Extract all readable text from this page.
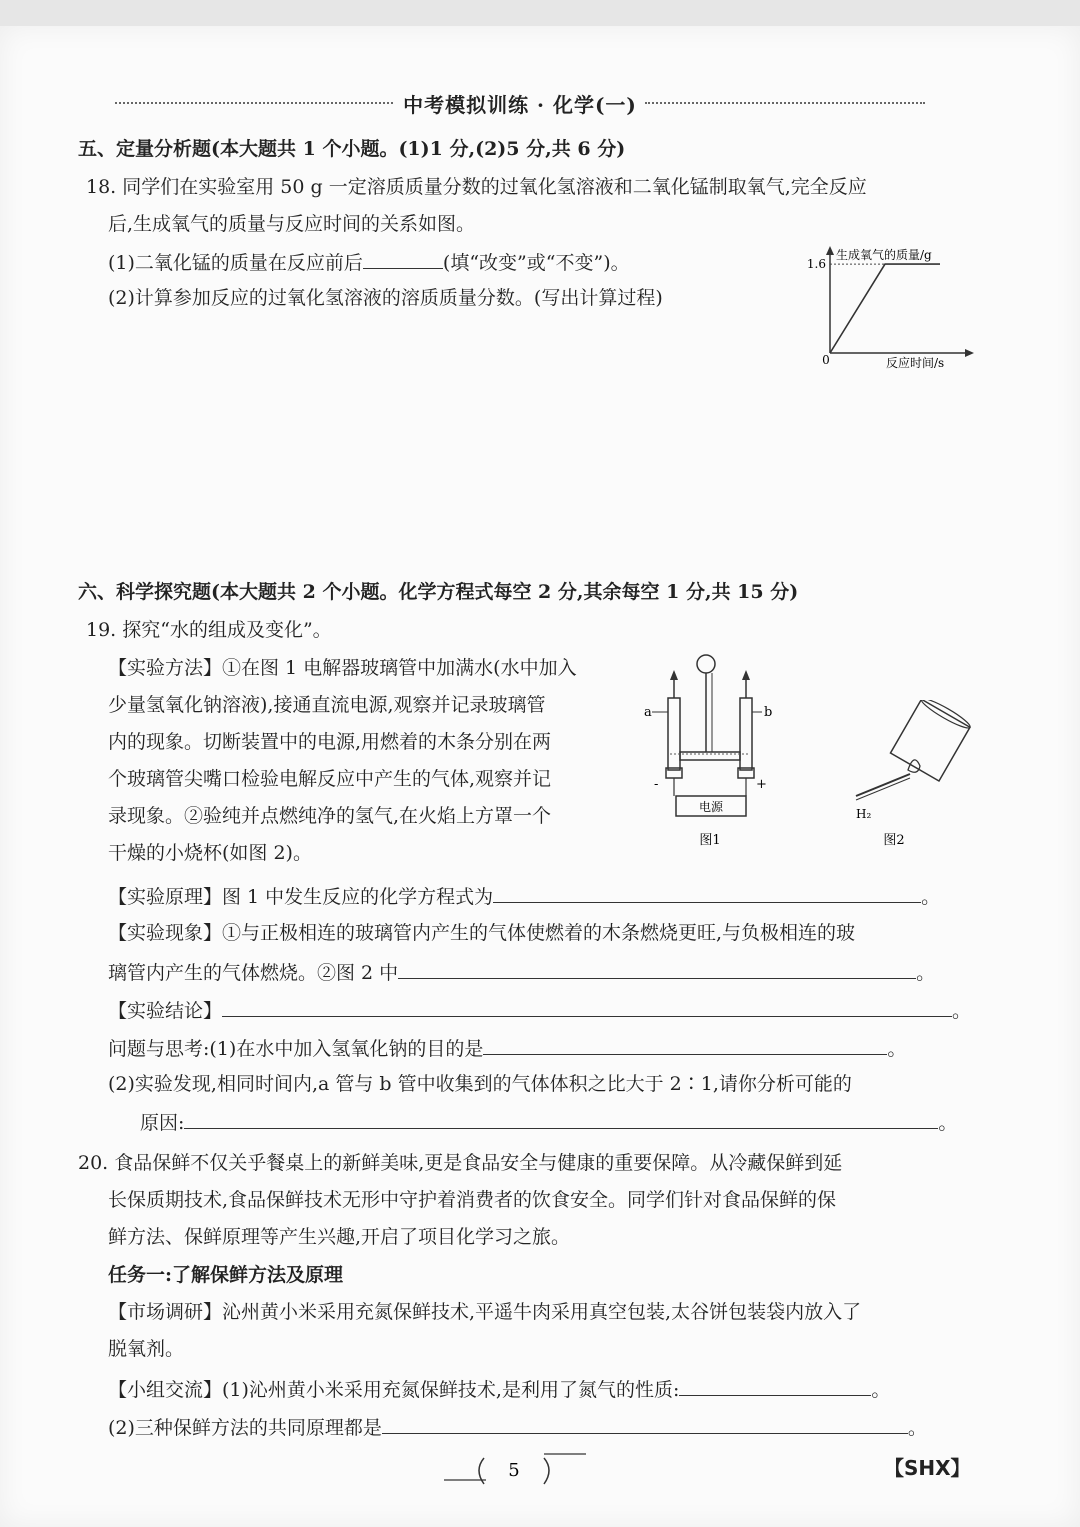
中考模拟训练 · 化学(一)
五、定量分析题(本大题共 1 个小题。(1)1 分,(2)5 分,共 6 分)
18. 同学们在实验室用 50 g 一定溶质质量分数的过氧化氢溶液和二氧化锰制取氧气,完全反应
后,生成氧气的质量与反应时间的关系如图。
(1)二氧化锰的质量在反应前后	(填“改变”或“不变”)。
(2)计算参加反应的过氧化氢溶液的溶质质量分数。(写出计算过程)
生成氧气的质量/g
反应时间/s
0
1.6
六、科学探究题(本大题共 2 个小题。化学方程式每空 2 分,其余每空 1 分,共 15 分)
19. 探究“水的组成及变化”。
【实验方法】①在图 1 电解器玻璃管中加满水(水中加入
少量氢氧化钠溶液),接通直流电源,观察并记录玻璃管
内的现象。切断装置中的电源,用燃着的木条分别在两
个玻璃管尖嘴口检验电解反应中产生的气体,观察并记
录现象。②验纯并点燃纯净的氢气,在火焰上方罩一个
干燥的小烧杯(如图 2)。
电源
a	b
-	+
图1
H₂
图2
【实验原理】图 1 中发生反应的化学方程式为	。
【实验现象】①与正极相连的玻璃管内产生的气体使燃着的木条燃烧更旺,与负极相连的玻
璃管内产生的气体燃烧。②图 2 中	。
【实验结论】	。
问题与思考:(1)在水中加入氢氧化钠的目的是	。
(2)实验发现,相同时间内,a 管与 b 管中收集到的气体体积之比大于 2∶1,请你分析可能的
原因:	。
20. 食品保鲜不仅关乎餐桌上的新鲜美味,更是食品安全与健康的重要保障。从冷藏保鲜到延
长保质期技术,食品保鲜技术无形中守护着消费者的饮食安全。同学们针对食品保鲜的保
鲜方法、保鲜原理等产生兴趣,开启了项目化学习之旅。
任务一:了解保鲜方法及原理
【市场调研】沁州黄小米采用充氮保鲜技术,平遥牛肉采用真空包装,太谷饼包装袋内放入了
脱氧剂。
【小组交流】(1)沁州黄小米采用充氮保鲜技术,是利用了氮气的性质:	。
(2)三种保鲜方法的共同原理都是	。
5	【SHX】
